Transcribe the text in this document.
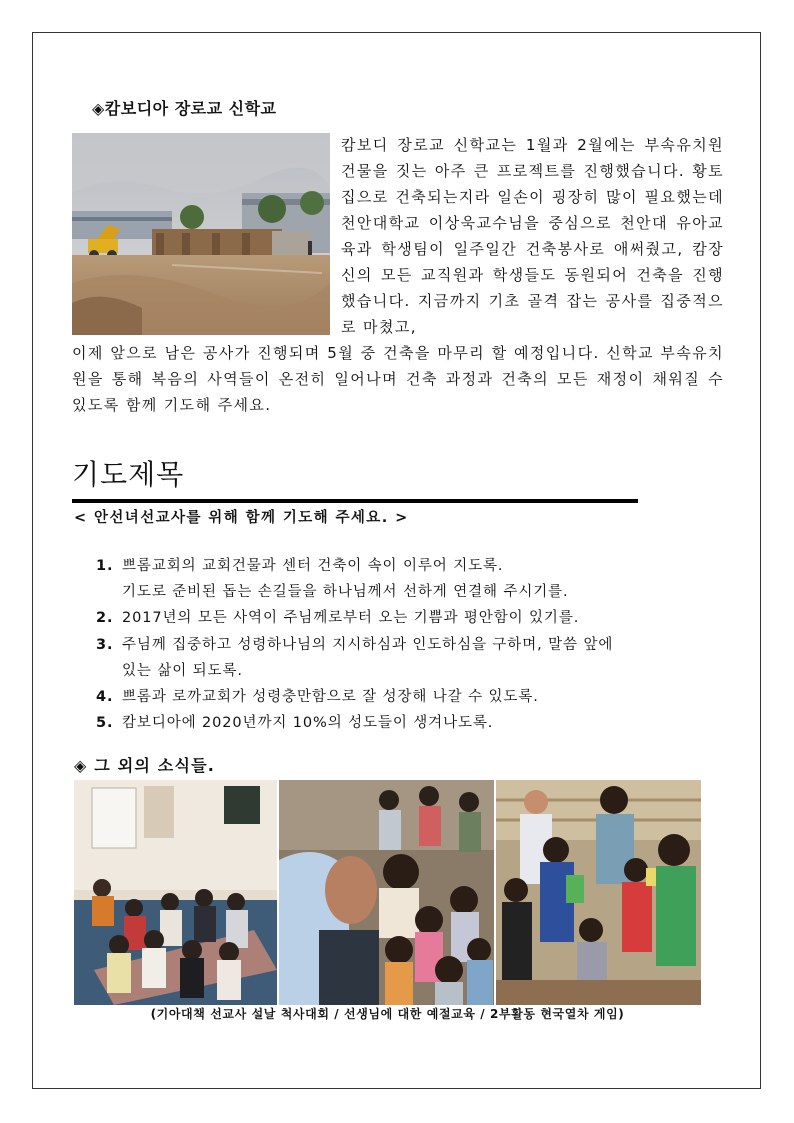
◈캄보디아 장로교 신학교
캄보디 장로교 신학교는 1월과 2월에는 부속유치원 건물을 짓는 아주 큰 프로젝트를 진행했습니다. 황토집으로 건축되는지라 일손이 굉장히 많이 필요했는데 천안대학교 이상욱교수님을 중심으로 천안대 유아교육과 학생팀이 일주일간 건축봉사로 애써줬고, 캄장신의 모든 교직원과 학생들도 동원되어 건축을 진행했습니다. 지금까지 기초 골격 잡는 공사를 집중적으로 마쳤고,
이제 앞으로 남은 공사가 진행되며 5월 중 건축을 마무리 할 예정입니다. 신학교 부속유치원을 통해 복음의 사역들이 온전히 일어나며 건축 과정과 건축의 모든 재정이 채워질 수 있도록 함께 기도해 주세요.
기도제목
< 안선녀선교사를 위해 함께 기도해 주세요. >
1. 쁘롬교회의 교회건물과 센터 건축이 속이 이루어 지도록.
기도로 준비된 돕는 손길들을 하나님께서 선하게 연결해 주시기를.
2. 2017년의 모든 사역이 주님께로부터 오는 기쁨과 평안함이 있기를.
3. 주님께 집중하고 성령하나님의 지시하심과 인도하심을 구하며, 말씀 앞에
있는 삶이 되도록.
4. 쁘롬과 로까교회가 성령충만함으로 잘 성장해 나갈 수 있도록.
5. 캄보디아에 2020년까지 10%의 성도들이 생겨나도록.
◈ 그 외의 소식들.
(기아대책 선교사 설날 척사대회 / 선생님에 대한 예절교육 / 2부활동 현국열차 게임)
